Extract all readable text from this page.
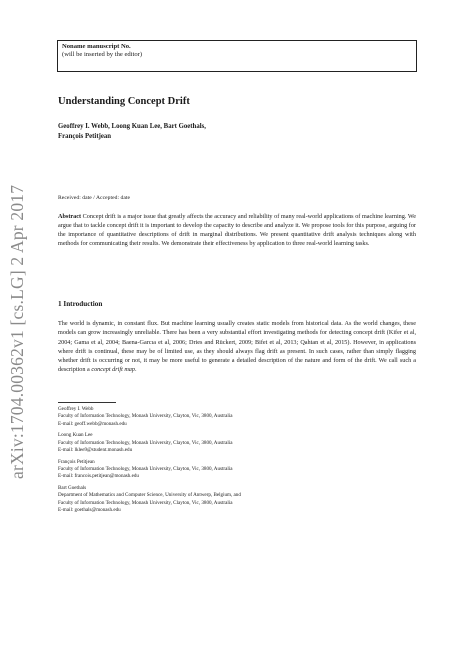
Noname manuscript No.
(will be inserted by the editor)
Understanding Concept Drift
Geoffrey I. Webb, Loong Kuan Lee, Bart Goethals,
François Petitjean
Received: date / Accepted: date
Abstract Concept drift is a major issue that greatly affects the accuracy and reliability of many real-world applications of machine learning. We argue that to tackle concept drift it is important to develop the capacity to describe and analyze it. We propose tools for this purpose, arguing for the importance of quantitative descriptions of drift in marginal distributions. We present quantitative drift analysis techniques along with methods for communicating their results. We demonstrate their effectiveness by application to three real-world learning tasks.
1 Introduction
The world is dynamic, in constant flux. But machine learning usually creates static models from historical data. As the world changes, these models can grow increasingly unreliable. There has been a very substantial effort investigating methods for detecting concept drift (Kifer et al, 2004; Gama et al, 2004; Baena-Garcıa et al, 2006; Dries and Rückert, 2009; Bifet et al, 2013; Qahtan et al, 2015). However, in applications where drift is continual, these may be of limited use, as they should always flag drift as present. In such cases, rather than simply flagging whether drift is occurring or not, it may be more useful to generate a detailed description of the nature and form of the drift. We call such a description a concept drift map.
Geoffrey I. Webb
Faculty of Information Technology, Monash University, Clayton, Vic, 3800, Australia
E-mail: geoff.webb@monash.edu
Loong Kuan Lee
Faculty of Information Technology, Monash University, Clayton, Vic, 3800, Australia
E-mail: lklee9@student.monash.edu
François Petitjean
Faculty of Information Technology, Monash University, Clayton, Vic, 3800, Australia
E-mail: francois.petitjean@monash.edu
Bart Goethals
Department of Mathematics and Computer Science, University of Antwerp, Belgium, and
Faculty of Information Technology, Monash University, Clayton, Vic, 3800, Australia
E-mail: goethals@monash.edu
arXiv:1704.00362v1 [cs.LG] 2 Apr 2017
